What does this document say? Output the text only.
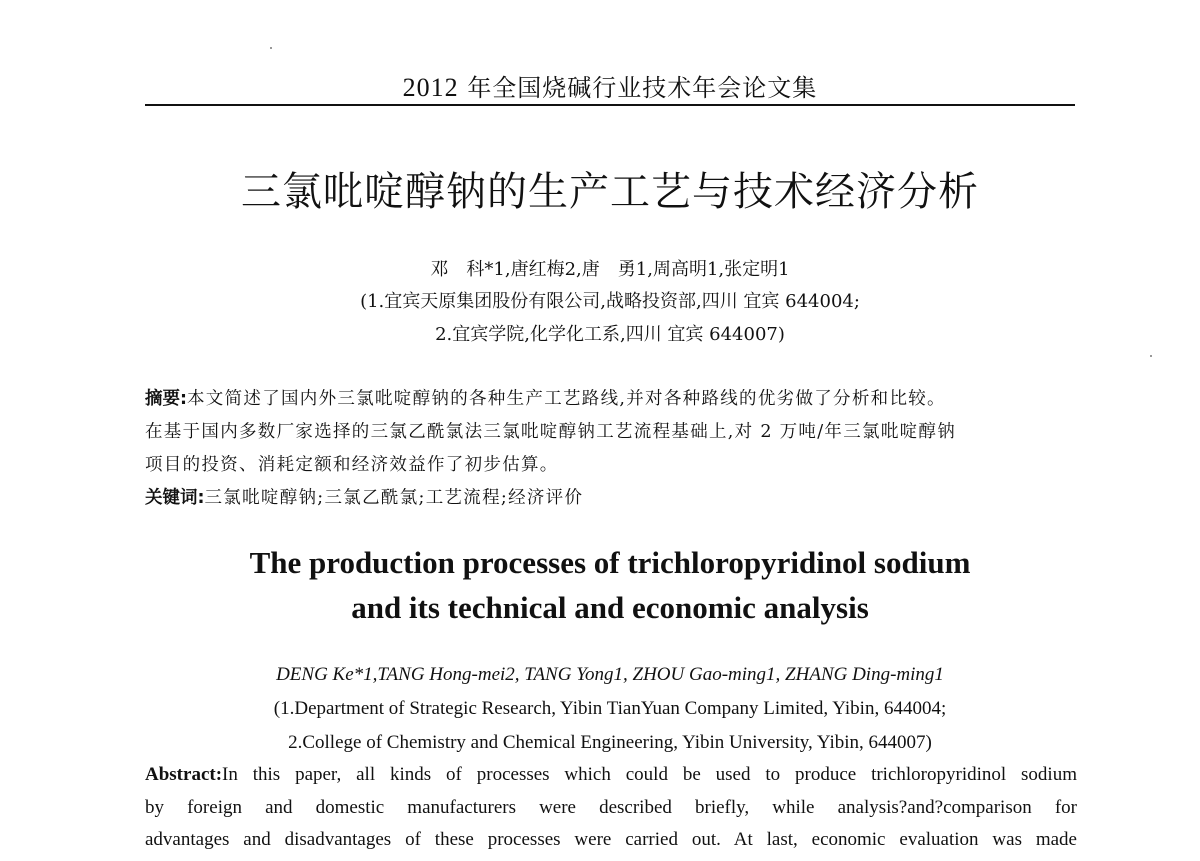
2012 年全国烧碱行业技术年会论文集
三氯吡啶醇钠的生产工艺与技术经济分析
邓　科*1,唐红梅2,唐　勇1,周高明1,张定明1
(1.宜宾天原集团股份有限公司,战略投资部,四川 宜宾 644004;
2.宜宾学院,化学化工系,四川 宜宾 644007)
摘要:本文简述了国内外三氯吡啶醇钠的各种生产工艺路线,并对各种路线的优劣做了分析和比较。
在基于国内多数厂家选择的三氯乙酰氯法三氯吡啶醇钠工艺流程基础上,对 2 万吨/年三氯吡啶醇钠
项目的投资、消耗定额和经济效益作了初步估算。
关键词:三氯吡啶醇钠;三氯乙酰氯;工艺流程;经济评价
The production processes of trichloropyridinol sodium
and its technical and economic analysis
DENG Ke*1,TANG Hong-mei2, TANG Yong1, ZHOU Gao-ming1, ZHANG Ding-ming1
(1.Department of Strategic Research, Yibin TianYuan Company Limited, Yibin, 644004;
2.College of Chemistry and Chemical Engineering, Yibin University, Yibin, 644007)
Abstract:In this paper, all kinds of processes which could be used to produce trichloropyridinol sodium
by foreign and domestic manufacturers were described briefly, while analysis?and?comparison for
advantages and disadvantages of these processes were carried out. At last, economic evaluation was made
